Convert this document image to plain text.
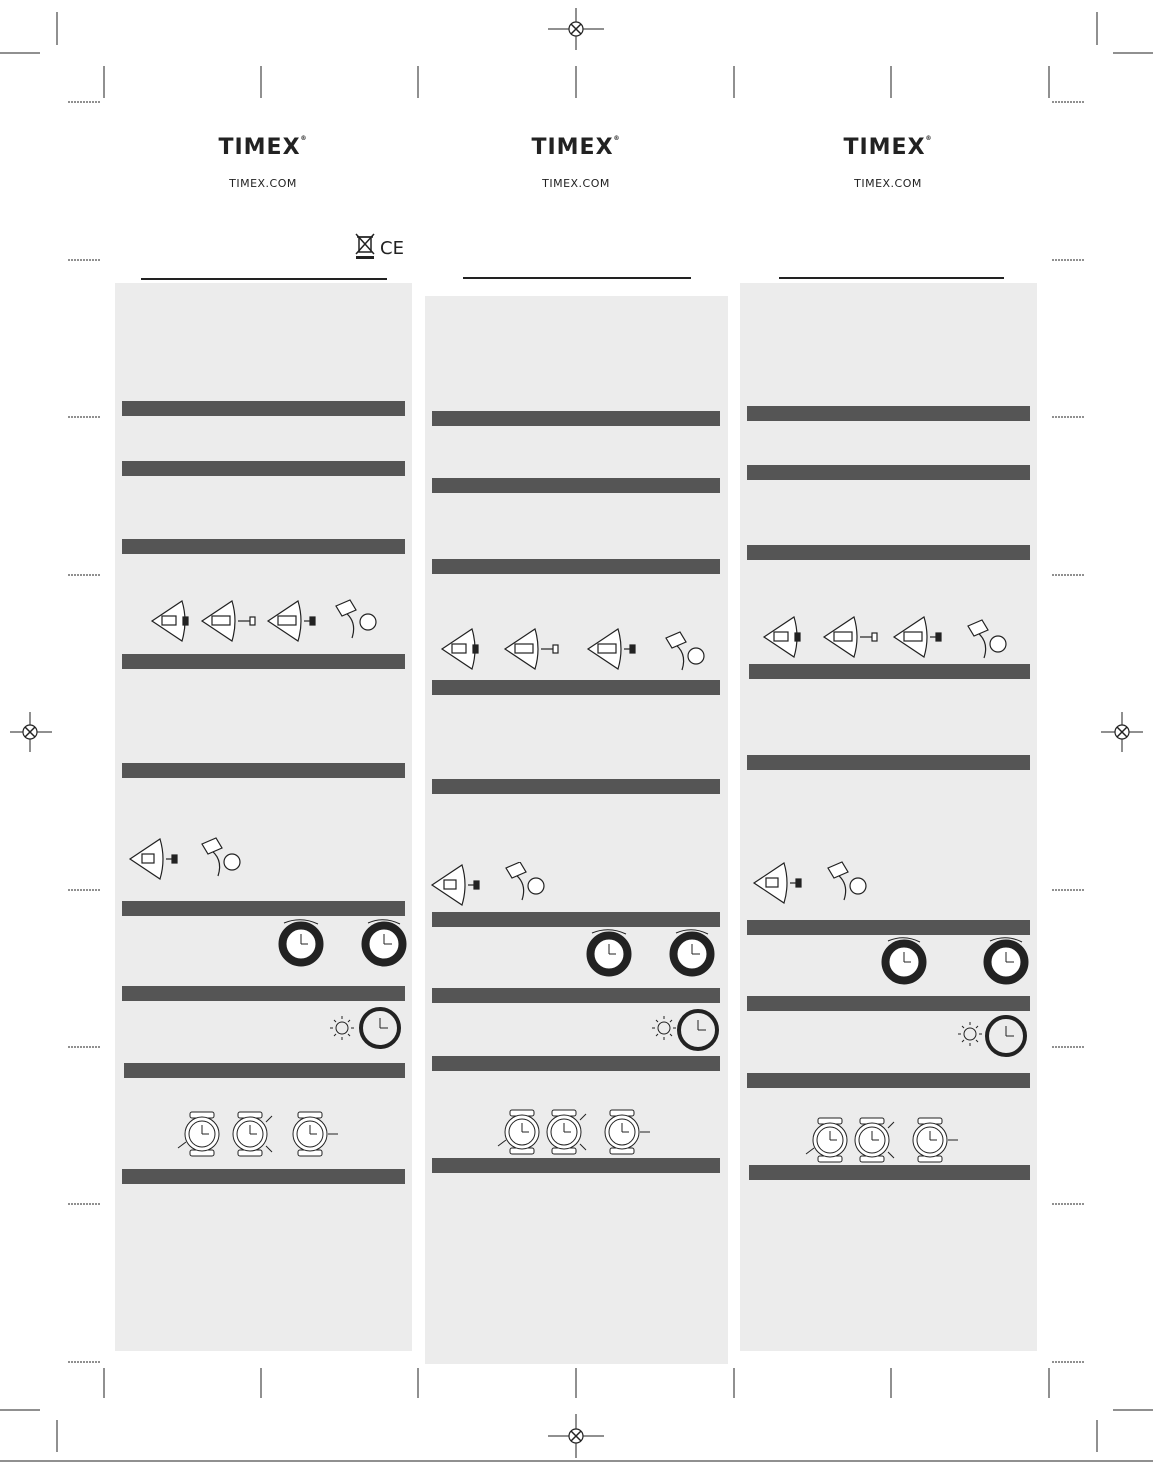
TIMEX®
TIMEX.COM
TIMEX®
TIMEX.COM
TIMEX®
TIMEX.COM
CE
